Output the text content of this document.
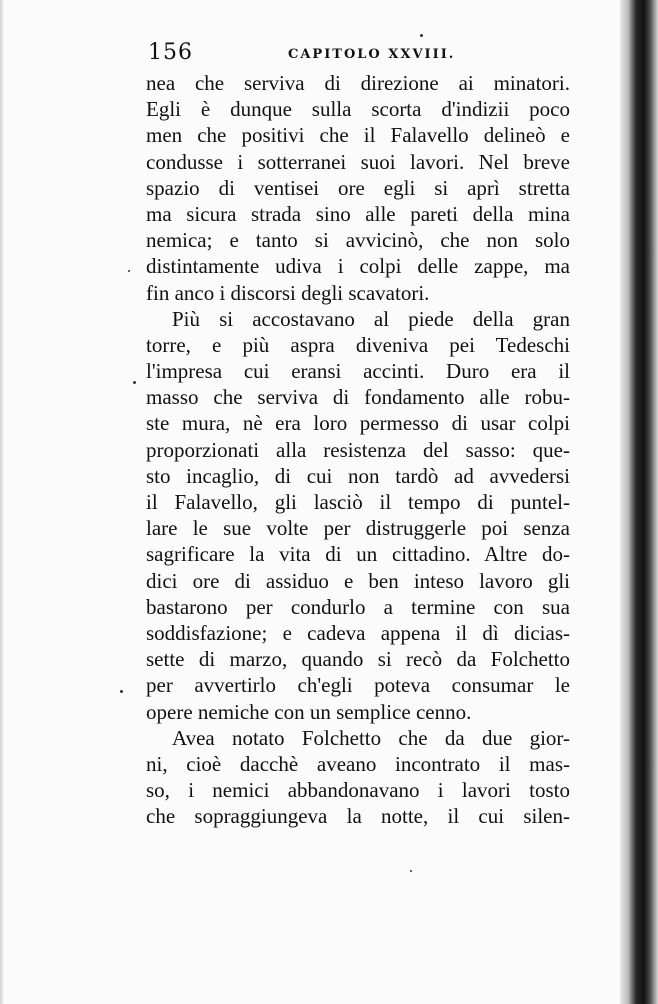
156	CAPITOLO XXVIII.
nea che serviva di direzione ai minatori.
Egli è dunque sulla scorta d'indizii poco
men che positivi che il Falavello delineò e
condusse i sotterranei suoi lavori. Nel breve
spazio di ventisei ore egli si aprì stretta
ma sicura strada sino alle pareti della mina
nemica; e tanto si avvicinò, che non solo
distintamente udiva i colpi delle zappe, ma
fin anco i discorsi degli scavatori.
Più si accostavano al piede della gran
torre, e più aspra diveniva pei Tedeschi
l'impresa cui eransi accinti. Duro era il
masso che serviva di fondamento alle robu-
ste mura, nè era loro permesso di usar colpi
proporzionati alla resistenza del sasso: que-
sto incaglio, di cui non tardò ad avvedersi
il Falavello, gli lasciò il tempo di puntel-
lare le sue volte per distruggerle poi senza
sagrificare la vita di un cittadino. Altre do-
dici ore di assiduo e ben inteso lavoro gli
bastarono per condurlo a termine con sua
soddisfazione; e cadeva appena il dì dicias-
sette di marzo, quando si recò da Folchetto
per avvertirlo ch'egli poteva consumar le
opere nemiche con un semplice cenno.
Avea notato Folchetto che da due gior-
ni, cioè dacchè aveano incontrato il mas-
so, i nemici abbandonavano i lavori tosto
che sopraggiungeva la notte, il cui silen-
